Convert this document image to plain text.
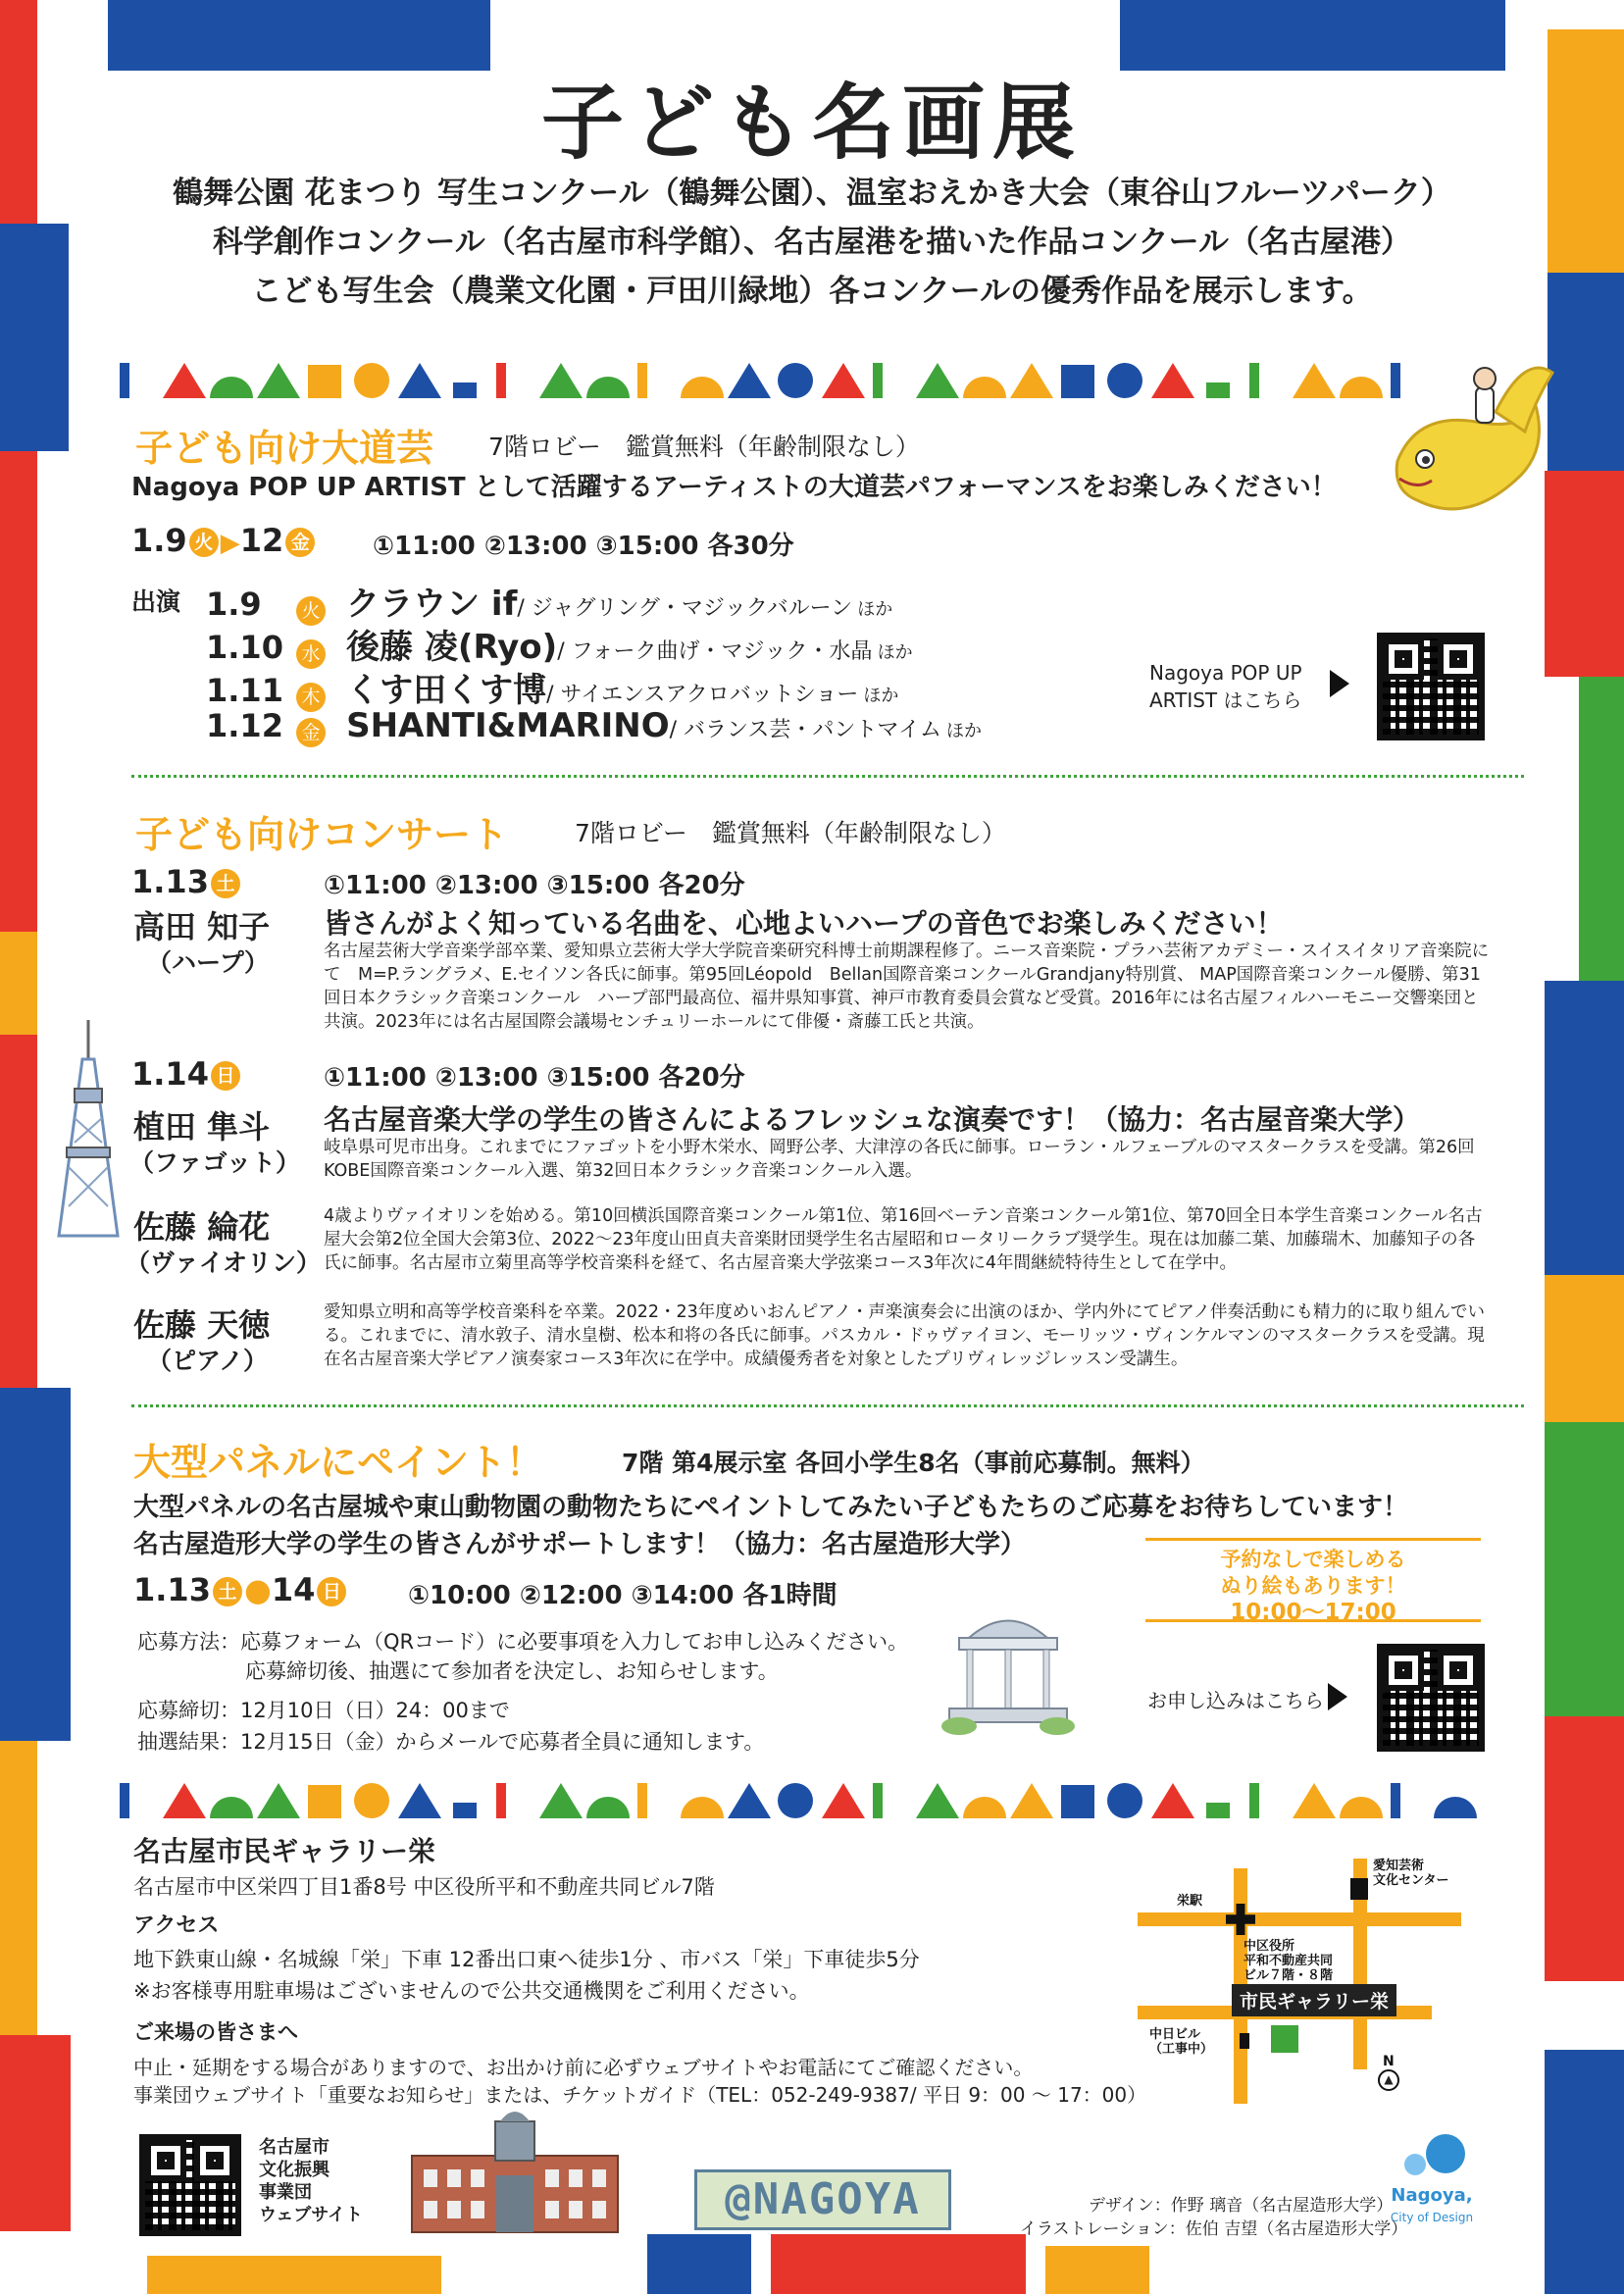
子ども名画展
鶴舞公園 花まつり 写生コンクール（鶴舞公園）、温室おえかき大会（東谷山フルーツパーク）
科学創作コンクール（名古屋市科学館）、名古屋港を描いた作品コンクール（名古屋港）
こども写生会（農業文化園・戸田川緑地）各コンクールの優秀作品を展示します。
子ども向け大道芸 7階ロビー　鑑賞無料（年齢制限なし）
Nagoya POP UP ARTIST として活躍するアーティストの大道芸パフォーマンスをお楽しみください！
1.9 火 ▶12 金 ①11:00 ②13:00 ③15:00 各30分
出演 1.9 火 クラウン if/ ジャグリング・マジックバルーン ほか
1.10 水 後藤 凌(Ryo)/ フォーク曲げ・マジック・水晶 ほか
1.11 木 くす田くす博/ サイエンスアクロバットショー ほか
1.12 金 SHANTI&MARINO/ バランス芸・パントマイム ほか
Nagoya POP UP
ARTIST はこちら
子ども向けコンサート	7階ロビー　鑑賞無料（年齢制限なし）
1.13 土	①11:00 ②13:00 ③15:00 各20分
高田 知子
（ハープ）
皆さんがよく知っている名曲を、心地よいハープの音色でお楽しみください！
名古屋芸術大学音楽学部卒業、愛知県立芸術大学大学院音楽研究科博士前期課程修了。ニース音楽院・プラハ芸術アカデミー・スイスイタリア音楽院にて　M=P.ラングラメ、E.セイソン各氏に師事。第95回Léopold　Bellan国際音楽コンクールGrandjany特別賞、 MAP国際音楽コンクール優勝、第31回日本クラシック音楽コンクール　ハープ部門最高位、福井県知事賞、神戸市教育委員会賞など受賞。2016年には名古屋フィルハーモニー交響楽団と共演。2023年には名古屋国際会議場センチュリーホールにて俳優・斎藤工氏と共演。
1.14 日	①11:00 ②13:00 ③15:00 各20分
名古屋音楽大学の学生の皆さんによるフレッシュな演奏です！（協力：名古屋音楽大学）
植田 隼斗
（ファゴット）
岐阜県可児市出身。これまでにファゴットを小野木栄水、岡野公孝、大津淳の各氏に師事。ローラン・ルフェーブルのマスタークラスを受講。第26回KOBE国際音楽コンクール入選、第32回日本クラシック音楽コンクール入選。
佐藤 綸花
（ヴァイオリン）
4歳よりヴァイオリンを始める。第10回横浜国際音楽コンクール第1位、第16回ベーテン音楽コンクール第1位、第70回全日本学生音楽コンクール名古屋大会第2位全国大会第3位、2022～23年度山田貞夫音楽財団奨学生名古屋昭和ロータリークラブ奨学生。現在は加藤二葉、加藤瑞木、加藤知子の各氏に師事。名古屋市立菊里高等学校音楽科を経て、名古屋音楽大学弦楽コース3年次に4年間継続特待生として在学中。
佐藤 天徳
（ピアノ）
愛知県立明和高等学校音楽科を卒業。2022・23年度めいおんピアノ・声楽演奏会に出演のほか、学内外にてピアノ伴奏活動にも精力的に取り組んでいる。これまでに、清水敦子、清水皇樹、松本和将の各氏に師事。パスカル・ドゥヴァイヨン、モーリッツ・ヴィンケルマンのマスタークラスを受講。現在名古屋音楽大学ピアノ演奏家コース3年次に在学中。成績優秀者を対象としたプリヴィレッジレッスン受講生。
大型パネルにペイント！	7階 第4展示室 各回小学生8名（事前応募制。無料）
大型パネルの名古屋城や東山動物園の動物たちにペイントしてみたい子どもたちのご応募をお待ちしています！
名古屋造形大学の学生の皆さんがサポートします！（協力：名古屋造形大学）
1.13 土 ●14 日	①10:00 ②12:00 ③14:00 各1時間
応募方法：応募フォーム（QRコード）に必要事項を入力してお申し込みください。
応募締切後、抽選にて参加者を決定し、お知らせします。
応募締切：12月10日（日）24：00まで
抽選結果：12月15日（金）からメールで応募者全員に通知します。
予約なしで楽しめる
ぬり絵もあります！
10:00～17:00
お申し込みはこちら
名古屋市民ギャラリー栄
名古屋市中区栄四丁目1番8号 中区役所平和不動産共同ビル7階
アクセス
地下鉄東山線・名城線「栄」下車 12番出口東へ徒歩1分 、市バス「栄」下車徒歩5分
※お客様専用駐車場はございませんので公共交通機関をご利用ください。
ご来場の皆さまへ
中止・延期をする場合がありますので、お出かけ前に必ずウェブサイトやお電話にてご確認ください。
事業団ウェブサイト「重要なお知らせ」または、チケットガイド（TEL：052-249-9387/ 平日 9：00 ～ 17：00）
栄駅
愛知芸術
文化センター
中区役所
平和不動産共同
ビル７階・８階
市民ギャラリー栄
中日ビル
（工事中）
N
▲
名古屋市
文化振興
事業団
ウェブサイト	@NAGOYA	デザイン：作野 璃音（名古屋造形大学）
イラストレーション：佐伯 吉望（名古屋造形大学）
Nagoya,
City of Design
